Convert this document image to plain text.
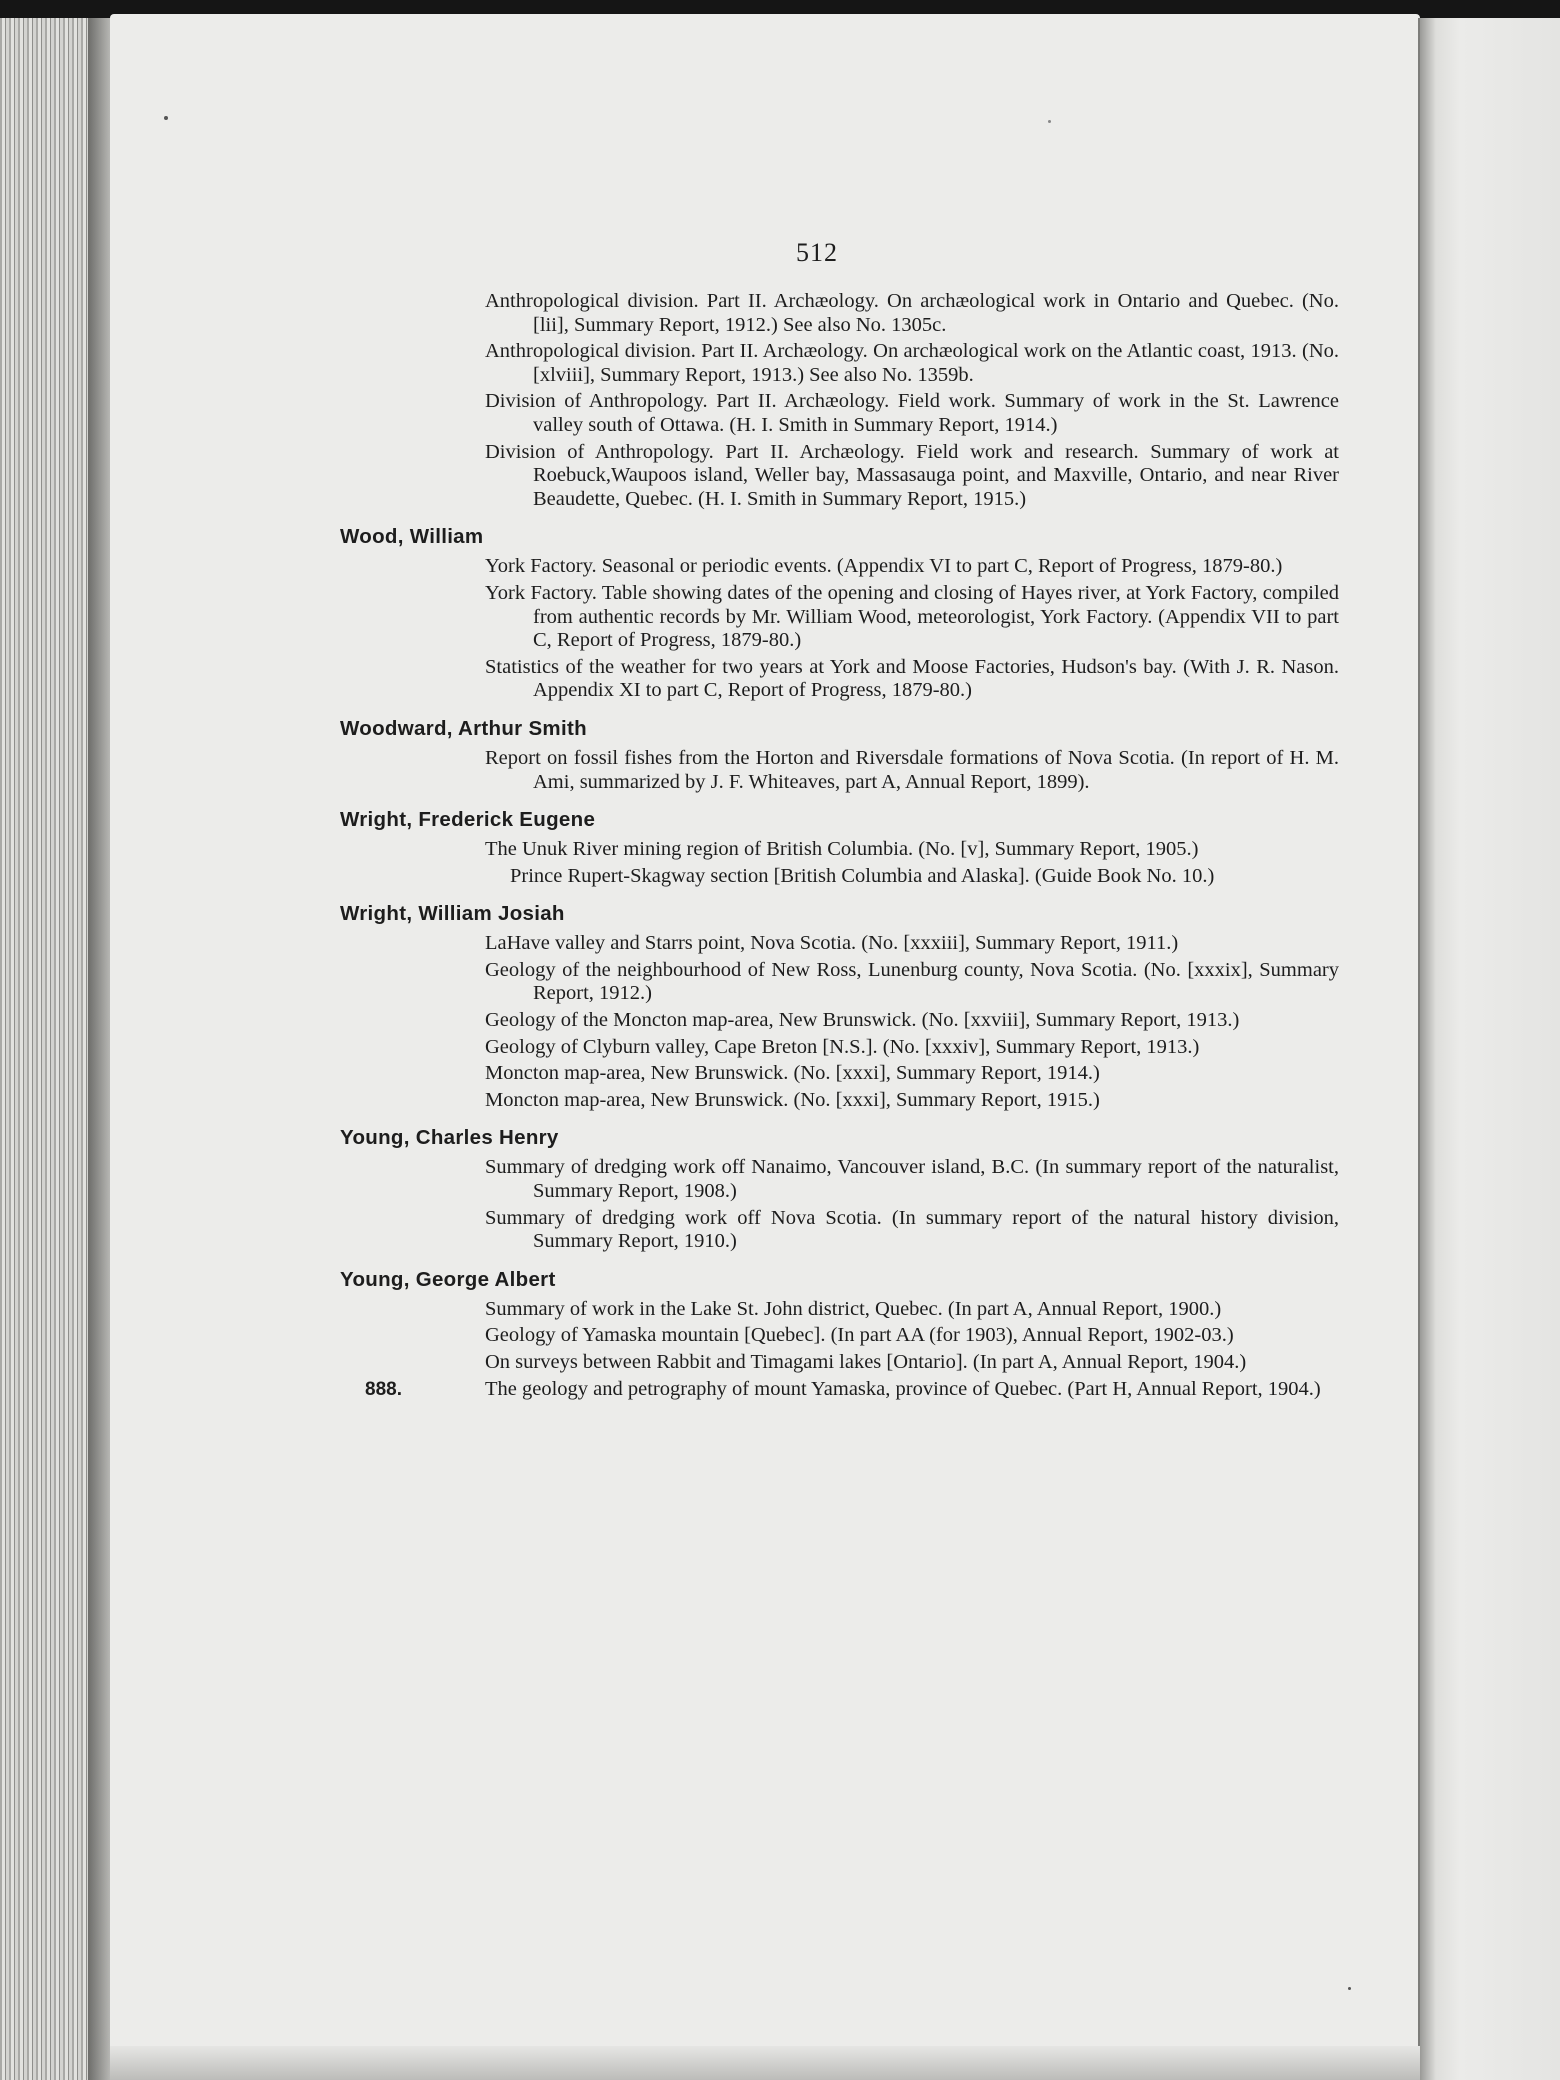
512
Anthropological division. Part II. Archæology. On archæological work in Ontario and Quebec. (No. [lii], Summary Report, 1912.) See also No. 1305c.
Anthropological division. Part II. Archæology. On archæological work on the Atlantic coast, 1913. (No. [xlviii], Summary Report, 1913.) See also No. 1359b.
Division of Anthropology. Part II. Archæology. Field work. Summary of work in the St. Lawrence valley south of Ottawa. (H. I. Smith in Summary Report, 1914.)
Division of Anthropology. Part II. Archæology. Field work and research. Summary of work at Roebuck,Waupoos island, Weller bay, Massasauga point, and Maxville, Ontario, and near River Beaudette, Quebec. (H. I. Smith in Summary Report, 1915.)
Wood, William
York Factory. Seasonal or periodic events. (Appendix VI to part C, Report of Progress, 1879-80.)
York Factory. Table showing dates of the opening and closing of Hayes river, at York Factory, compiled from authentic records by Mr. William Wood, meteorologist, York Factory. (Appendix VII to part C, Report of Progress, 1879-80.)
Statistics of the weather for two years at York and Moose Factories, Hudson's bay. (With J. R. Nason. Appendix XI to part C, Report of Progress, 1879-80.)
Woodward, Arthur Smith
Report on fossil fishes from the Horton and Riversdale formations of Nova Scotia. (In report of H. M. Ami, summarized by J. F. Whiteaves, part A, Annual Report, 1899).
Wright, Frederick Eugene
The Unuk River mining region of British Columbia. (No. [v], Summary Report, 1905.)
Prince Rupert-Skagway section [British Columbia and Alaska]. (Guide Book No. 10.)
Wright, William Josiah
LaHave valley and Starrs point, Nova Scotia. (No. [xxxiii], Summary Report, 1911.)
Geology of the neighbourhood of New Ross, Lunenburg county, Nova Scotia. (No. [xxxix], Summary Report, 1912.)
Geology of the Moncton map-area, New Brunswick. (No. [xxviii], Summary Report, 1913.)
Geology of Clyburn valley, Cape Breton [N.S.]. (No. [xxxiv], Summary Report, 1913.)
Moncton map-area, New Brunswick. (No. [xxxi], Summary Report, 1914.)
Moncton map-area, New Brunswick. (No. [xxxi], Summary Report, 1915.)
Young, Charles Henry
Summary of dredging work off Nanaimo, Vancouver island, B.C. (In summary report of the naturalist, Summary Report, 1908.)
Summary of dredging work off Nova Scotia. (In summary report of the natural history division, Summary Report, 1910.)
Young, George Albert
Summary of work in the Lake St. John district, Quebec. (In part A, Annual Report, 1900.)
Geology of Yamaska mountain [Quebec]. (In part AA (for 1903), Annual Report, 1902-03.)
On surveys between Rabbit and Timagami lakes [Ontario]. (In part A, Annual Report, 1904.)
888.	The geology and petrography of mount Yamaska, province of Quebec. (Part H, Annual Report, 1904.)
